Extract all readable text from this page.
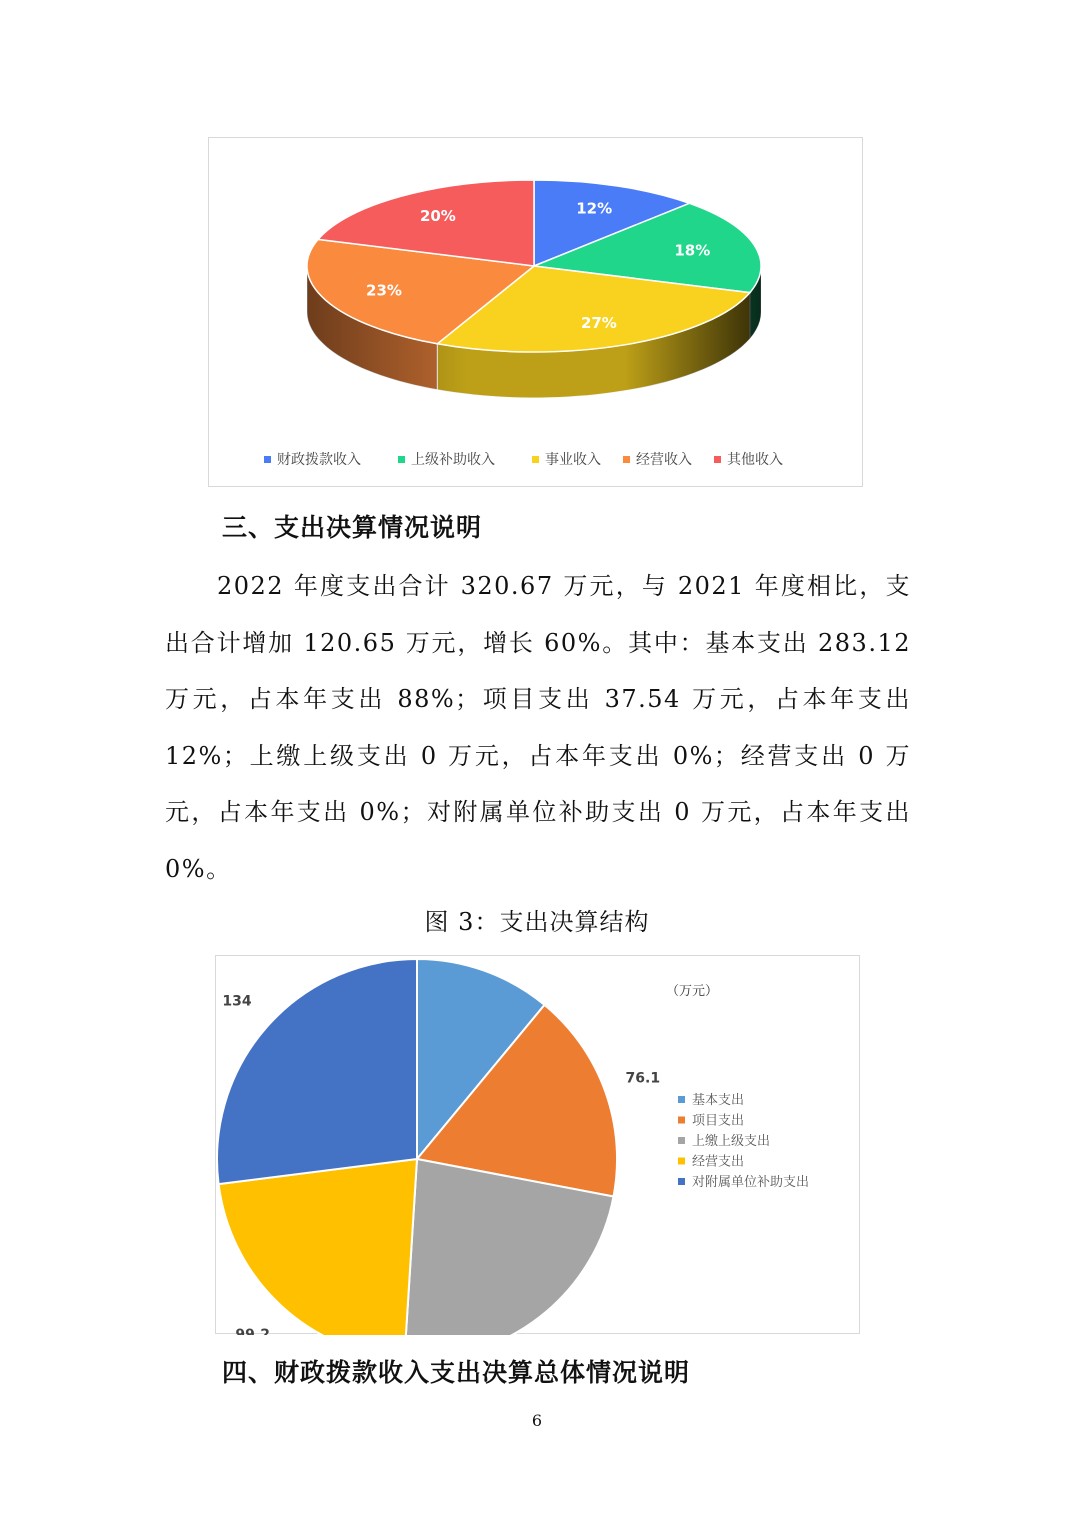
12%
18%
27%
23%
20%
财政拨款收入	上级补助收入	事业收入	经营收入	其他收入
三、支出决算情况说明
2022 年度支出合计 320.67 万元，与 2021 年度相比，支出合计增加 120.65 万元，增长 60%。其中：基本支出 283.12 万元，占本年支出 88%；项目支出 37.54 万元，占本年支出 12%；上缴上级支出 0 万元，占本年支出 0%；经营支出 0 万元，占本年支出 0%；对附属单位补助支出 0 万元，占本年支出 0%。
图 3：支出决算结构
76.1
99.2
134
（万元）
基本支出
项目支出
上缴上级支出
经营支出
对附属单位补助支出
四、财政拨款收入支出决算总体情况说明
6
